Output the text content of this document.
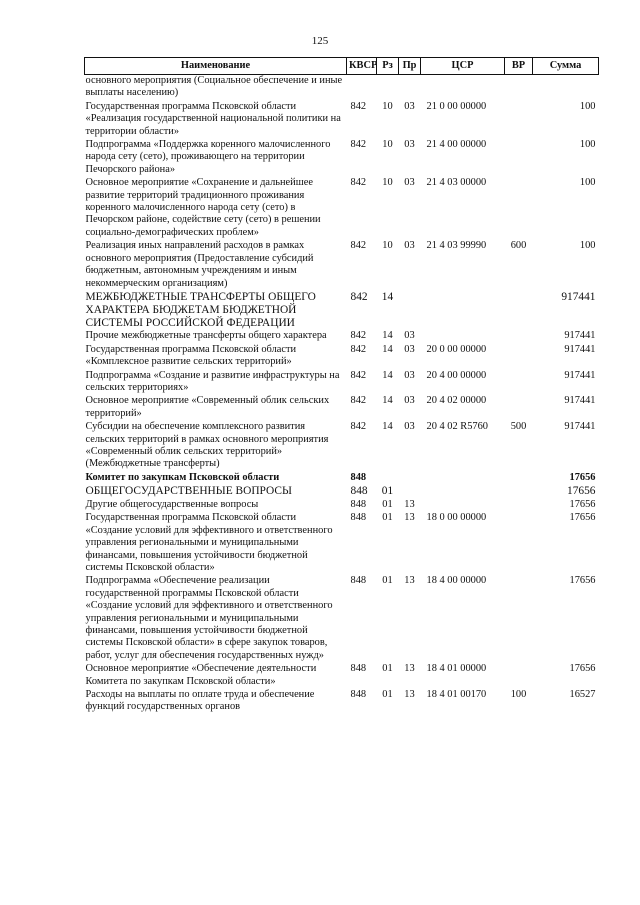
125
Наименование	КВСР	Рз	Пр	ЦСР	ВР	Сумма
основного мероприятия (Социальное обеспечение и иные выплаты населению)						
Государственная программа Псковской области «Реализация государственной национальной политики на территории области»	842	10	03	21 0 00 00000		100
Подпрограмма «Поддержка коренного малочисленного народа сету (сето), проживающего на территории Печорского района»	842	10	03	21 4 00 00000		100
Основное мероприятие «Сохранение и дальнейшее развитие территорий традиционного проживания коренного малочисленного народа сету (сето) в Печорском районе, содействие сету (сето) в решении социально-демографических проблем»	842	10	03	21 4 03 00000		100
Реализация иных направлений расходов в рамках основного мероприятия (Предоставление субсидий бюджетным, автономным учреждениям и иным некоммерческим организациям)	842	10	03	21 4 03 99990	600	100
МЕЖБЮДЖЕТНЫЕ ТРАНСФЕРТЫ ОБЩЕГО ХАРАКТЕРА БЮДЖЕТАМ БЮДЖЕТНОЙ СИСТЕМЫ РОССИЙСКОЙ ФЕДЕРАЦИИ	842	14				917441
Прочие межбюджетные трансферты общего характера	842	14	03			917441
Государственная программа Псковской области «Комплексное развитие сельских территорий»	842	14	03	20 0 00 00000		917441
Подпрограмма «Создание и развитие инфраструктуры на сельских территориях»	842	14	03	20 4 00 00000		917441
Основное мероприятие «Современный облик сельских территорий»	842	14	03	20 4 02 00000		917441
Субсидии на обеспечение комплексного развития сельских территорий в рамках основного мероприятия «Современный облик сельских территорий» (Межбюджетные трансферты)	842	14	03	20 4 02 R5760	500	917441
Комитет по закупкам Псковской области	848					17656
ОБЩЕГОСУДАРСТВЕННЫЕ ВОПРОСЫ	848	01				17656
Другие общегосударственные вопросы	848	01	13			17656
Государственная программа Псковской области «Создание условий для эффективного и ответственного управления региональными и муниципальными финансами, повышения устойчивости бюджетной системы Псковской области»	848	01	13	18 0 00 00000		17656
Подпрограмма «Обеспечение реализации государственной программы Псковской области «Создание условий для эффективного и ответственного управления региональными и муниципальными финансами, повышения устойчивости бюджетной системы Псковской области» в сфере закупок товаров, работ, услуг для обеспечения государственных нужд»	848	01	13	18 4 00 00000		17656
Основное мероприятие «Обеспечение деятельности Комитета по закупкам Псковской области»	848	01	13	18 4 01 00000		17656
Расходы на выплаты по оплате труда и обеспечение функций государственных органов	848	01	13	18 4 01 00170	100	16527
